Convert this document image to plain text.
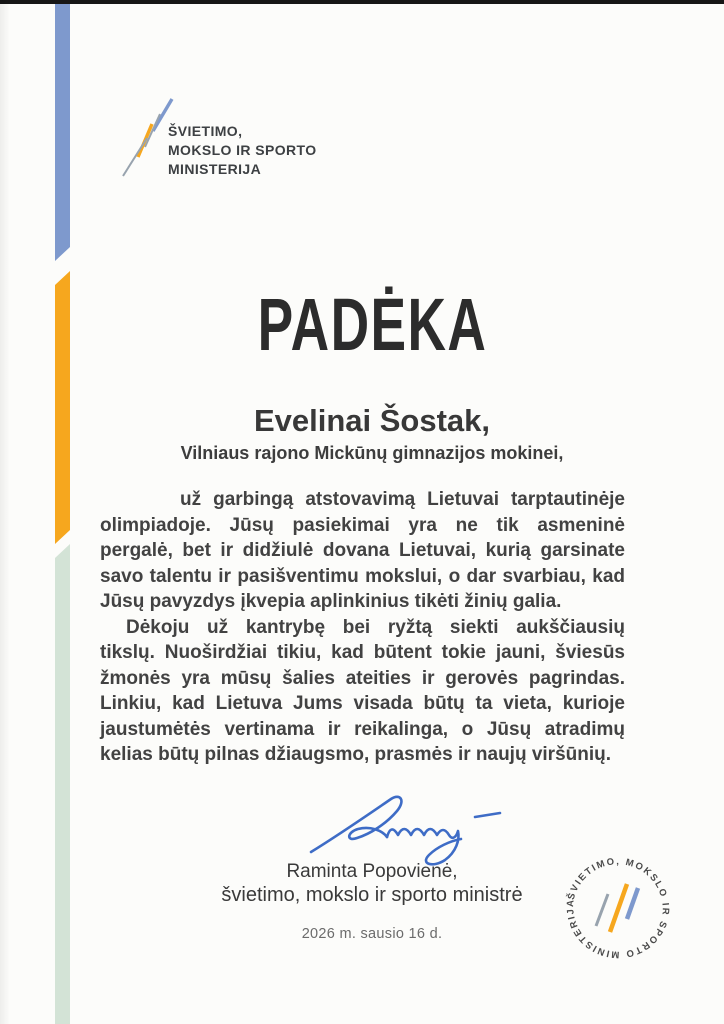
ŠVIETIMO,
MOKSLO IR SPORTO
MINISTERIJA
PADĖKA
Evelinai Šostak,
Vilniaus rajono Mickūnų gimnazijos mokinei,
už garbingą atstovavimą Lietuvai tarptautinėje
olimpiadoje. Jūsų pasiekimai yra ne tik asmeninė
pergalė, bet ir didžiulė dovana Lietuvai, kurią garsinate
savo talentu ir pasišventimu mokslui, o dar svarbiau, kad
Jūsų pavyzdys įkvepia aplinkinius tikėti žinių galia.
Dėkoju už kantrybę bei ryžtą siekti aukščiausių
tikslų. Nuoširdžiai tikiu, kad būtent tokie jauni, šviesūs
žmonės yra mūsų šalies ateities ir gerovės pagrindas.
Linkiu, kad Lietuva Jums visada būtų ta vieta, kurioje
jaustumėtės vertinama ir reikalinga, o Jūsų atradimų
kelias būtų pilnas džiaugsmo, prasmės ir naujų viršūnių.
Raminta Popovienė,
švietimo, mokslo ir sporto ministrė
2026 m. sausio 16 d.
ŠVIETIMO, MOKSLO IR SPORTO MINISTERIJA
